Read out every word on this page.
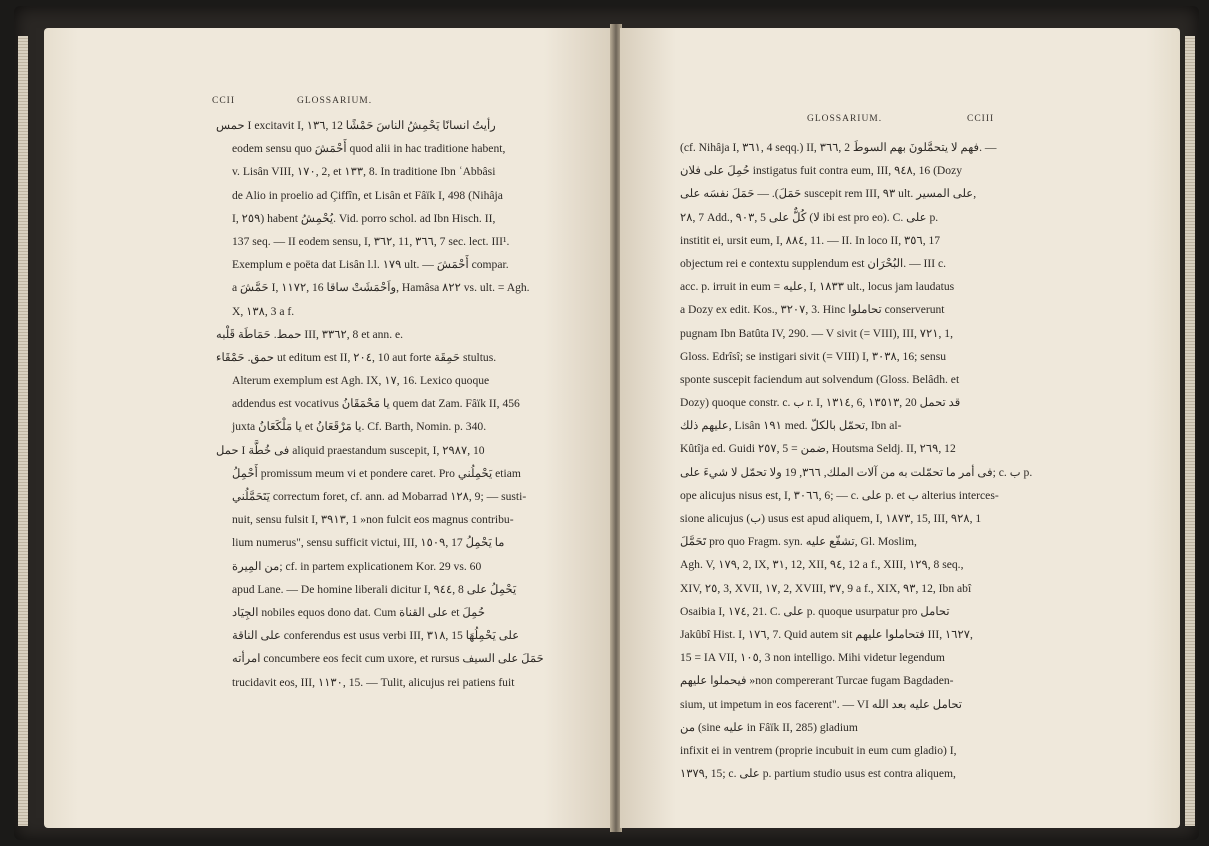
CCII	GLOSSARIUM.
حمس I excitavit I, ١٣٦, 12 رأيتُ انسانًا يَحْمِشُ الناسَ حَمْشًا
eodem sensu quo أَحْمَشَ quod alii in hac traditione habent,
v. Lisân VIII, ١٧٠, 2, et ١٣٣, 8. In traditione Ibn ʿAbbâsi
de Alio in proelio ad Çiffîn, et Lisân et Fâïk I, 498 (Nihâja
I, ٢٥٩) habent يُحْمِشُ. Vid. porro schol. ad Ibn Hisch. II,
137 seq. — II eodem sensu, I, ٣٦٢, 11, ٣٦٦, 7 sec. lect. III¹.
Exemplum e poëta dat Lisân l.l. ١٧٩ ult. — أَحْمَشَ compar.
a حَمَّشَ I, ١١٧٢, 16 واَحْمَشَتْ ساقا, Hamâsa ٨٢٢ vs. ult. = Agh.
X, ١٣٨, 3 a f.
حمط. حَمَاطَة قَلْبه III, ٣٣٦٢, 8 et ann. e.
حمق. حَمْقَاء ut editum est II, ٢٠٤, 10 aut forte حَمِقَة stultus.
Alterum exemplum est Agh. IX, ١٧, 16. Lexico quoque
addendus est vocativus يا مَحْمَقَانُ quem dat Zam. Fâïk II, 456
juxta يا مَلْكَعَانُ et يا مَرْقَعَانُ. Cf. Barth, Nomin. p. 340.
حمل I فى خُطَّة aliquid praestandum suscepit, I, ٢٩٨٧, 10
أَحْمِلُ promissum meum vi et pondere caret. Pro يَحْمِلُني etiam
يَتَحَمَّلُني correctum foret, cf. ann. ad Mobarrad ١٢٨, 9; — susti-
nuit, sensu fulsit I, ٣٩١٣, 1 »non fulcit eos magnus contribu-
lium numerus", sensu sufficit victui, III, ١٥٠٩, 17 ما يَحْمِلُ
من المِيرة; cf. in partem explicationem Kor. 29 vs. 60
apud Lane. — De homine liberali dicitur I, ٩٤٤, 8 يَحْمِلُ على
الجِيَاد nobiles equos dono dat. Cum على القناة et حُمِلَ
على الناقة conferendus est usus verbi III, ٣١٨, 15 على يَحْمِلُهَا
امرأته concumbere eos fecit cum uxore, et rursus حَمَلَ على السيف
trucidavit eos, III, ١١٣٠, 15. — Tulit, alicujus rei patiens fuit
GLOSSARIUM.	CCIII
(cf. Nihâja I, ٣٦١, 4 seqq.) II, ٣٦٦, 2 فهم لا يتحمَّلونَ بهم السوطَ. —
حُمِلَ على فلان instigatus fuit contra eum, III, ٩٤٨, 16 (Dozy
حَمَلَ). — حَمَلَ نفسَه على suscepit rem III, ٩٣ ult. على المسير,
٢٨, 7 Add., ٩٠٣, 5 كُلٌّ على (لا ibi est pro eo). C. على p.
institit ei, ursit eum, I, ٨٨٤, 11. — II. In loco II, ٣٥٦, 17
objectum rei e contextu supplendum est البُحْرَان. — III c.
acc. p. irruit in eum = عليه, I, ١٨٣٣ ult., locus jam laudatus
a Dozy ex edit. Kos., ٣٢٠٧, 3. Hinc تحاملوا conserverunt
pugnam Ibn Batûta IV, 290. — V sivit (= VIII), III, ٧٢١, 1,
Gloss. Edrîsî; se instigari sivit (= VIII) I, ٣٠٣٨, 16; sensu
sponte suscepit faciendum aut solvendum (Gloss. Belâdh. et
Dozy) quoque constr. c. ب r. I, ١٣١٤, 6, ١٣٥١٣, 20 قد تحمل
عليهم ذلك, Lisân ١٩١ med. تحمّل بالكلّ, Ibn al-
Kûtîja ed. Guidi ٢٥٧, 5 = ضمن, Houtsma Seldj. II, ٢٦٩, 12
فى أمر ما تحمّلت به من آلات الملك, ٣٦٦, 19 ولا تحمّل لا شيءَ على; c. ب p.
ope alicujus nisus est, I, ٣٠٦٦, 6; — c. على p. et ب alterius interces-
sione alicujus (ب) usus est apud aliquem, I, ١٨٧٣, 15, III, ٩٢٨, 1
تَحَمَّلَ pro quo Fragm. syn. تشفّع عليه, Gl. Moslim,
Agh. V, ١٧٩, 2, IX, ٣١, 12, XII, ٩٤, 12 a f., XIII, ١٢٩, 8 seq.,
XIV, ٢٥, 3, XVII, ١٧, 2, XVIII, ٣٧, 9 a f., XIX, ٩٣, 12, Ibn abî
Osaibia I, ١٧٤, 21. C. على p. quoque usurpatur pro تحامل
Jakûbî Hist. I, ١٧٦, 7. Quid autem sit فتحاملوا عليهم III, ١٦٢٧,
15 = IA VII, ١٠٥, 3 non intelligo. Mihi videtur legendum
فيحملوا عليهم »non compererant Turcae fugam Bagdaden-
sium, ut impetum in eos facerent". — VI تحامل عليه بعد الله
من (sine عليه in Fâïk II, 285) gladium
infixit ei in ventrem (proprie incubuit in eum cum gladio) I,
١٣٧٩, 15; c. على p. partium studio usus est contra aliquem,
